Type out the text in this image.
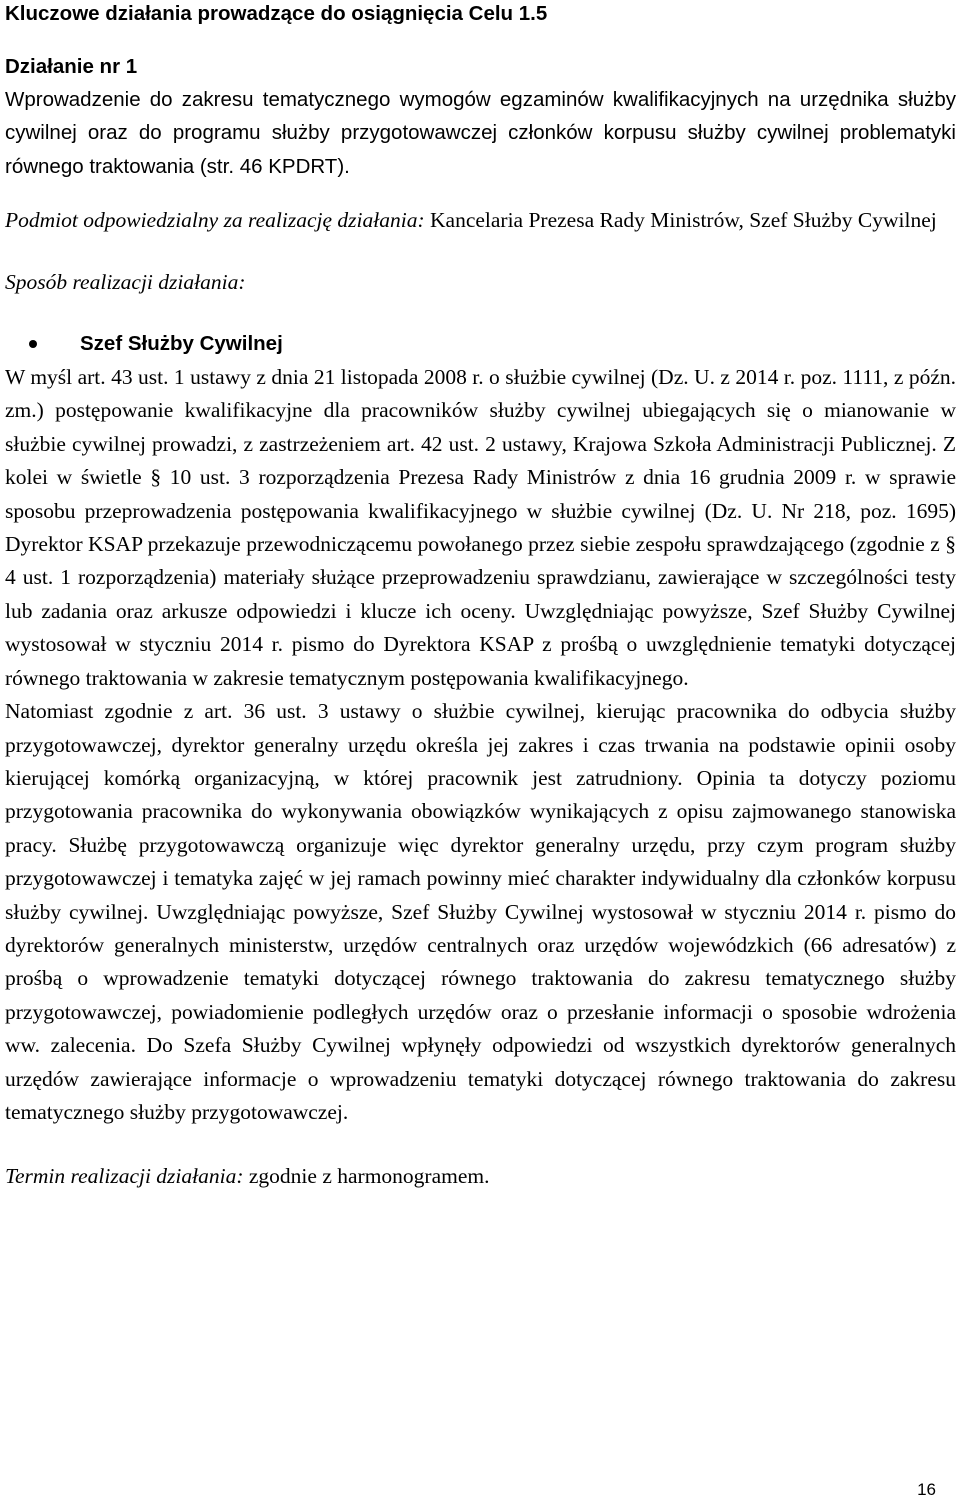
Kluczowe działania prowadzące do osiągnięcia Celu 1.5

Działanie nr 1

Wprowadzenie do zakresu tematycznego wymogów egzaminów kwalifikacyjnych na urzędnika służby cywilnej oraz do programu służby przygotowawczej członków korpusu służby cywilnej problematyki równego traktowania (str. 46 KPDRT).

Podmiot odpowiedzialny za realizację działania: Kancelaria Prezesa Rady Ministrów, Szef Służby Cywilnej

Sposób realizacji działania:

Szef Służby Cywilnej

W myśl art. 43 ust. 1 ustawy z dnia 21 listopada 2008 r. o służbie cywilnej (Dz. U. z 2014 r. poz. 1111, z późn. zm.) postępowanie kwalifikacyjne dla pracowników służby cywilnej ubiegających się o mianowanie w służbie cywilnej prowadzi, z zastrzeżeniem art. 42 ust. 2 ustawy, Krajowa Szkoła Administracji Publicznej. Z kolei w świetle § 10 ust. 3 rozporządzenia Prezesa Rady Ministrów z dnia 16 grudnia 2009 r. w sprawie sposobu przeprowadzenia postępowania kwalifikacyjnego w służbie cywilnej (Dz. U. Nr 218, poz. 1695) Dyrektor KSAP przekazuje przewodniczącemu powołanego przez siebie zespołu sprawdzającego (zgodnie z § 4 ust. 1 rozporządzenia) materiały służące przeprowadzeniu sprawdzianu, zawierające w szczególności testy lub zadania oraz arkusze odpowiedzi i klucze ich oceny. Uwzględniając powyższe, Szef Służby Cywilnej wystosował w styczniu 2014 r. pismo do Dyrektora KSAP z prośbą o uwzględnienie tematyki dotyczącej równego traktowania w zakresie tematycznym postępowania kwalifikacyjnego.

Natomiast zgodnie z art. 36 ust. 3 ustawy o służbie cywilnej, kierując pracownika do odbycia służby przygotowawczej, dyrektor generalny urzędu określa jej zakres i czas trwania na podstawie opinii osoby kierującej komórką organizacyjną, w której pracownik jest zatrudniony. Opinia ta dotyczy poziomu przygotowania pracownika do wykonywania obowiązków wynikających z opisu zajmowanego stanowiska pracy. Służbę przygotowawczą organizuje więc dyrektor generalny urzędu, przy czym program służby przygotowawczej i tematyka zajęć w jej ramach powinny mieć charakter indywidualny dla członków korpusu służby cywilnej. Uwzględniając powyższe, Szef Służby Cywilnej wystosował w styczniu 2014 r. pismo do dyrektorów generalnych ministerstw, urzędów centralnych oraz urzędów wojewódzkich (66 adresatów) z prośbą o wprowadzenie tematyki dotyczącej równego traktowania do zakresu tematycznego służby przygotowawczej, powiadomienie podległych urzędów oraz o przesłanie informacji o sposobie wdrożenia ww. zalecenia. Do Szefa Służby Cywilnej wpłynęły odpowiedzi od wszystkich dyrektorów generalnych urzędów zawierające informacje o wprowadzeniu tematyki dotyczącej równego traktowania do zakresu tematycznego służby przygotowawczej.

Termin realizacji działania: zgodnie z harmonogramem.

16
